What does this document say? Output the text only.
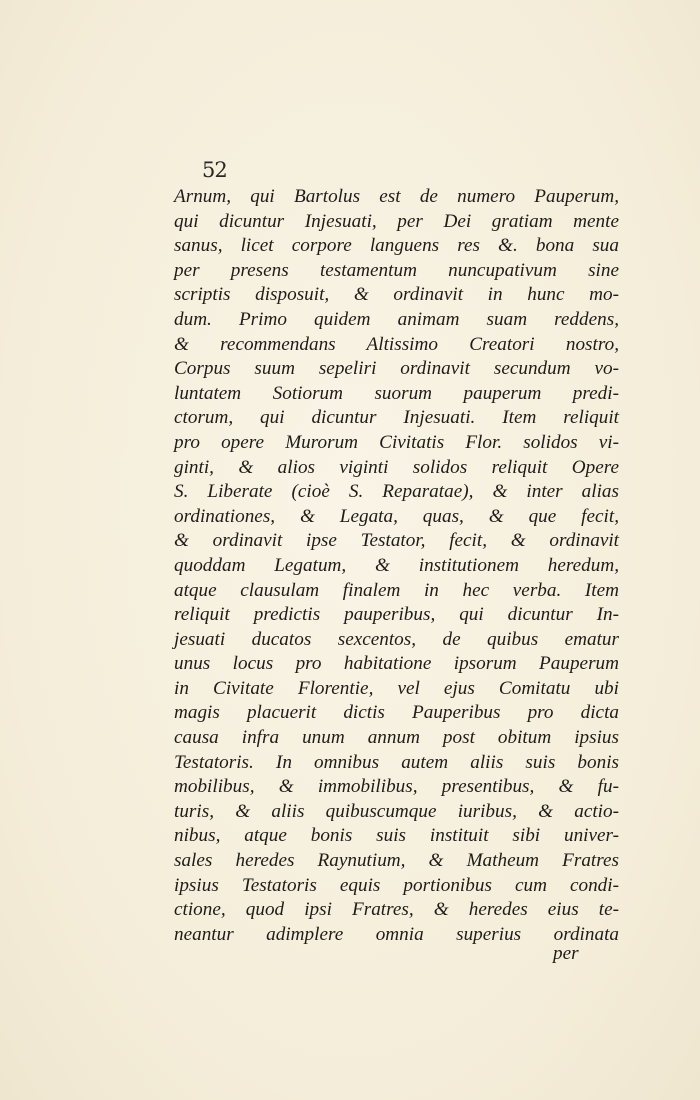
52
Arnum, qui Bartolus est de numero Pauperum,
qui dicuntur Injesuati, per Dei gratiam mente
sanus, licet corpore languens res &. bona sua
per presens testamentum nuncupativum sine
scriptis disposuit, & ordinavit in hunc mo-
dum. Primo quidem animam suam reddens,
& recommendans Altissimo Creatori nostro,
Corpus suum sepeliri ordinavit secundum vo-
luntatem Sotiorum suorum pauperum predi-
ctorum, qui dicuntur Injesuati. Item reliquit
pro opere Murorum Civitatis Flor. solidos vi-
ginti, & alios viginti solidos reliquit Opere
S. Liberate (cioè S. Reparatae), & inter alias
ordinationes, & Legata, quas, & que fecit,
& ordinavit ipse Testator, fecit, & ordinavit
quoddam Legatum, & institutionem heredum,
atque clausulam finalem in hec verba. Item
reliquit predictis pauperibus, qui dicuntur In-
jesuati ducatos sexcentos, de quibus ematur
unus locus pro habitatione ipsorum Pauperum
in Civitate Florentie, vel ejus Comitatu ubi
magis placuerit dictis Pauperibus pro dicta
causa infra unum annum post obitum ipsius
Testatoris. In omnibus autem aliis suis bonis
mobilibus, & immobilibus, presentibus, & fu-
turis, & aliis quibuscumque iuribus, & actio-
nibus, atque bonis suis instituit sibi univer-
sales heredes Raynutium, & Matheum Fratres
ipsius Testatoris equis portionibus cum condi-
ctione, quod ipsi Fratres, & heredes eius te-
neantur adimplere omnia superius ordinata
per
